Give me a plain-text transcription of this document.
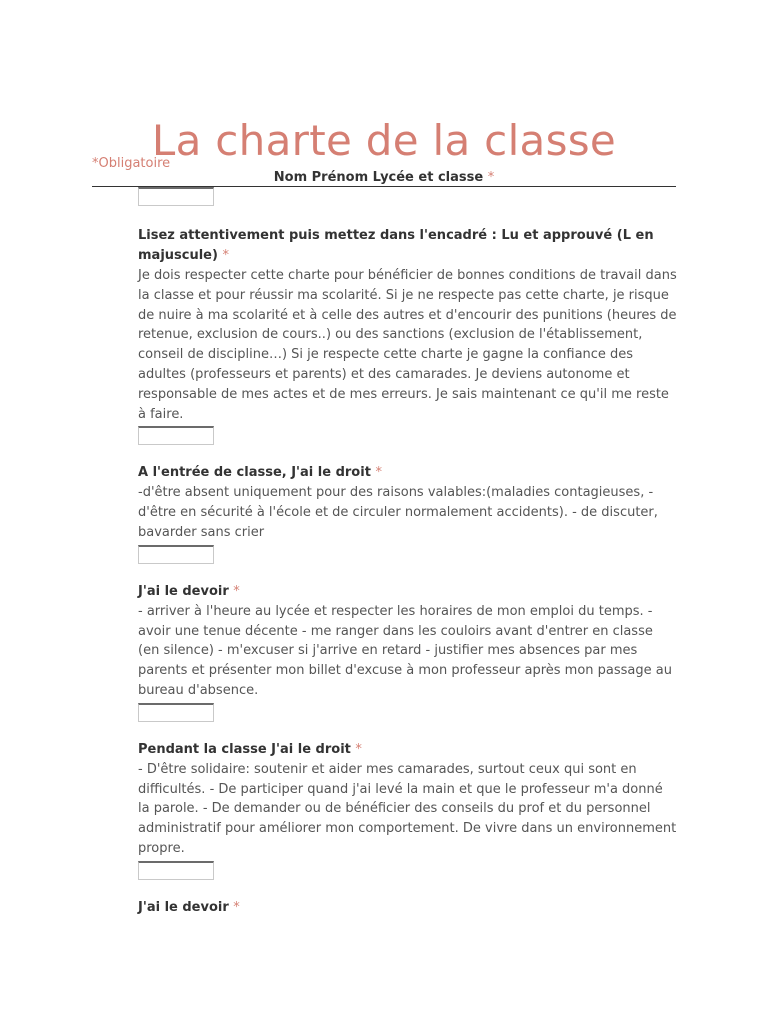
La charte de la classe
*Obligatoire
Nom Prénom Lycée et classe *
Lisez attentivement puis mettez dans l'encadré : Lu et approuvé (L en majuscule) *
Je dois respecter cette charte pour bénéficier de bonnes conditions de travail dans la classe et pour réussir ma scolarité. Si je ne respecte pas cette charte, je risque de nuire à ma scolarité et à celle des autres et d'encourir des punitions (heures de retenue, exclusion de cours..) ou des sanctions (exclusion de l'établissement, conseil de discipline…) Si je respecte cette charte je gagne la confiance des adultes (professeurs et parents) et des camarades. Je deviens autonome et responsable de mes actes et de mes erreurs. Je sais maintenant ce qu'il me reste à faire.
A l'entrée de classe, J'ai le droit *
-d'être absent uniquement pour des raisons valables:(maladies contagieuses, - d'être en sécurité à l'école et de circuler normalement accidents). - de discuter, bavarder sans crier
J'ai le devoir *
- arriver à l'heure au lycée et respecter les horaires de mon emploi du temps. - avoir une tenue décente - me ranger dans les couloirs avant d'entrer en classe (en silence) - m'excuser si j'arrive en retard - justifier mes absences par mes parents et présenter mon billet d'excuse à mon professeur après mon passage au bureau d'absence.
Pendant la classe J'ai le droit *
- D'être solidaire: soutenir et aider mes camarades, surtout ceux qui sont en difficultés. - De participer quand j'ai levé la main et que le professeur m'a donné la parole. - De demander ou de bénéficier des conseils du prof et du personnel administratif pour améliorer mon comportement. De vivre dans un environnement propre.
J'ai le devoir *
